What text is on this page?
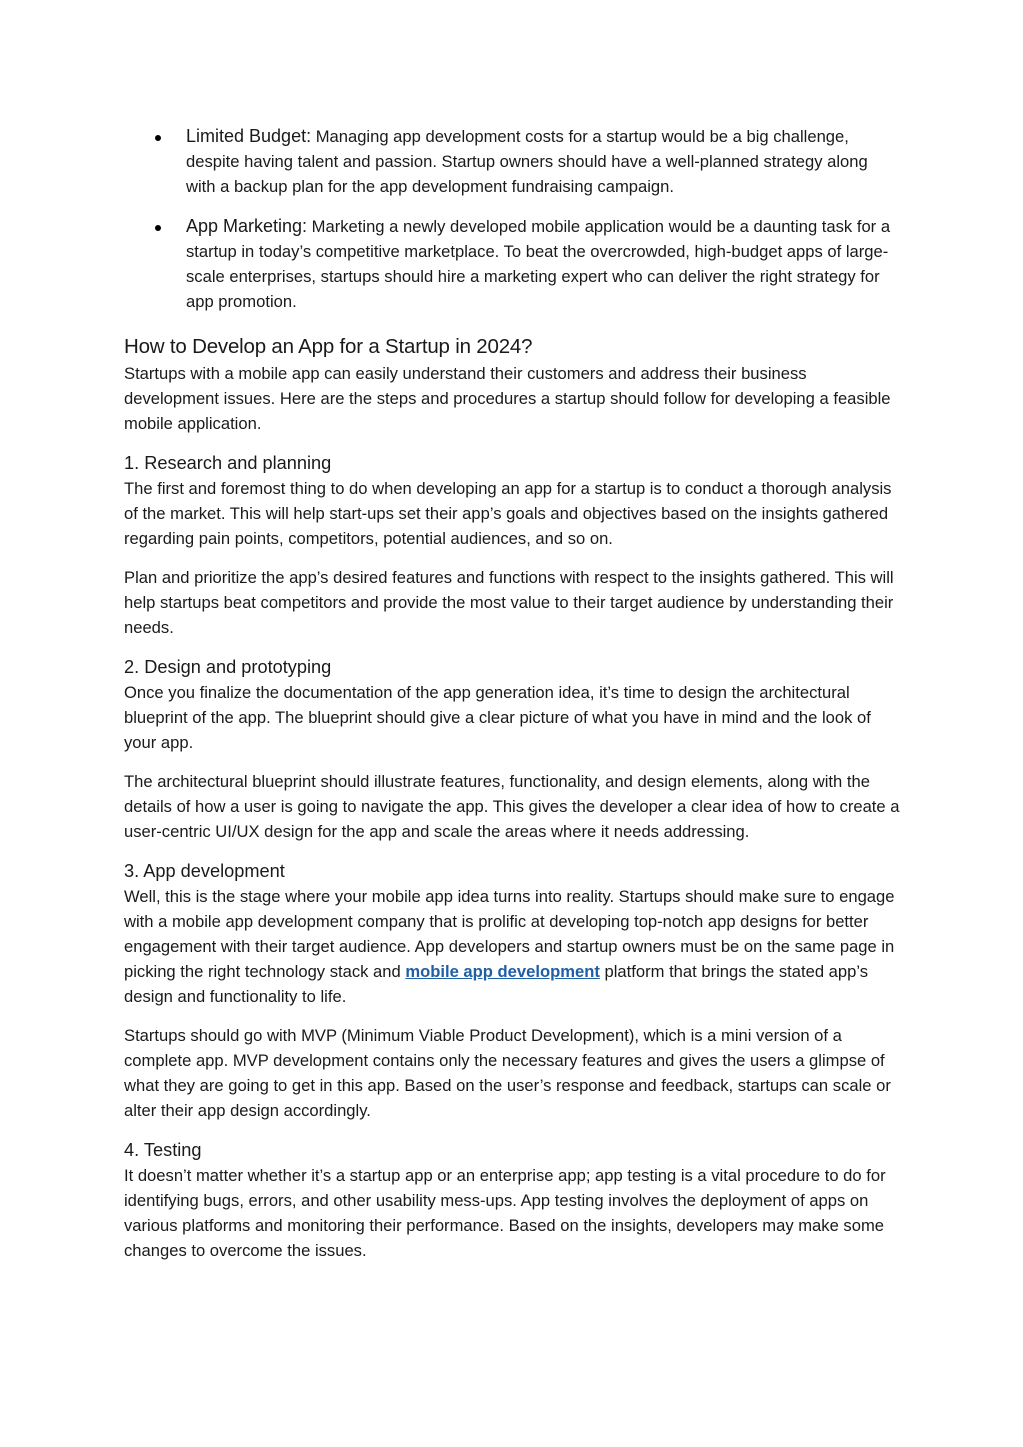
Limited Budget: Managing app development costs for a startup would be a big challenge, despite having talent and passion. Startup owners should have a well-planned strategy along with a backup plan for the app development fundraising campaign.
App Marketing: Marketing a newly developed mobile application would be a daunting task for a startup in today’s competitive marketplace. To beat the overcrowded, high-budget apps of large-scale enterprises, startups should hire a marketing expert who can deliver the right strategy for app promotion.
How to Develop an App for a Startup in 2024?

Startups with a mobile app can easily understand their customers and address their business development issues. Here are the steps and procedures a startup should follow for developing a feasible mobile application.

1. Research and planning

The first and foremost thing to do when developing an app for a startup is to conduct a thorough analysis of the market. This will help start-ups set their app’s goals and objectives based on the insights gathered regarding pain points, competitors, potential audiences, and so on.

Plan and prioritize the app’s desired features and functions with respect to the insights gathered. This will help startups beat competitors and provide the most value to their target audience by understanding their needs.

2. Design and prototyping

Once you finalize the documentation of the app generation idea, it’s time to design the architectural blueprint of the app. The blueprint should give a clear picture of what you have in mind and the look of your app.

The architectural blueprint should illustrate features, functionality, and design elements, along with the details of how a user is going to navigate the app. This gives the developer a clear idea of how to create a user-centric UI/UX design for the app and scale the areas where it needs addressing.

3. App development

Well, this is the stage where your mobile app idea turns into reality. Startups should make sure to engage with a mobile app development company that is prolific at developing top-notch app designs for better engagement with their target audience. App developers and startup owners must be on the same page in picking the right technology stack and mobile app development platform that brings the stated app’s design and functionality to life.

Startups should go with MVP (Minimum Viable Product Development), which is a mini version of a complete app. MVP development contains only the necessary features and gives the users a glimpse of what they are going to get in this app. Based on the user’s response and feedback, startups can scale or alter their app design accordingly.

4. Testing

It doesn’t matter whether it’s a startup app or an enterprise app; app testing is a vital procedure to do for identifying bugs, errors, and other usability mess-ups. App testing involves the deployment of apps on various platforms and monitoring their performance. Based on the insights, developers may make some changes to overcome the issues.
